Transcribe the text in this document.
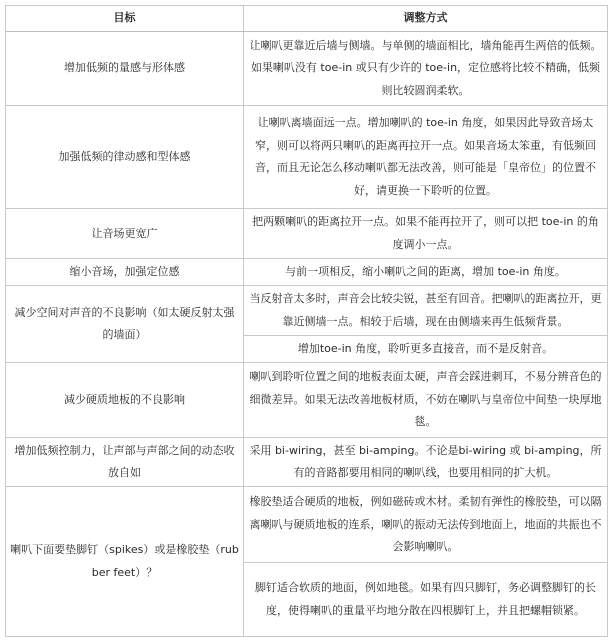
目标	调整方式
增加低频的量感与形体感	让喇叭更靠近后墙与侧墙。与单侧的墙面相比，墙角能再生两倍的低频。如果喇叭没有 toe-in 或只有少许的 toe-in，定位感将比较不精确，低频则比较圆润柔软。
加强低频的律动感和型体感	让喇叭离墙面远一点。增加喇叭的 toe-in 角度，如果因此导致音场太窄，则可以将两只喇叭的距离再拉开一点。如果音场太笨重，有低频回音，而且无论怎么移动喇叭都无法改善，则可能是「皇帝位」的位置不好，请更换一下聆听的位置。
让音场更宽广	把两颗喇叭的距离拉开一点。如果不能再拉开了，则可以把 toe-in 的角度调小一点。
缩小音场，加强定位感	与前一项相反，缩小喇叭之间的距离，增加 toe-in 角度。
减少空间对声音的不良影响（如太硬反射太强的墙面）	当反射音太多时，声音会比较尖锐，甚至有回音。把喇叭的距离拉开，更靠近侧墙一点。相较于后墙，现在由侧墙来再生低频背景。
	增加toe-in 角度，聆听更多直接音，而不是反射音。
减少硬质地板的不良影响	喇叭到聆听位置之间的地板表面太硬，声音会踩进刺耳，不易分辨音色的细微差异。如果无法改善地板材质，不妨在喇叭与皇帝位中间垫一块厚地毯。
增加低频控制力，让声部与声部之间的动态收放自如	采用 bi-wiring，甚至 bi-amping。不论是bi-wiring 或 bi-amping，所有的音路都要用相同的喇叭线，也要用相同的扩大机。
喇叭下面要垫脚钉（spikes）或是橡胶垫（rubber feet）？	橡胶垫适合硬质的地板，例如磁砖或木材。柔韧有弹性的橡胶垫，可以隔离喇叭与硬质地板的连系，喇叭的振动无法传到地面上，地面的共振也不会影响喇叭。
	脚钉适合软质的地面，例如地毯。如果有四只脚钉，务必调整脚钉的长度，使得喇叭的重量平均地分散在四根脚钉上，并且把螺帽锁紧。
